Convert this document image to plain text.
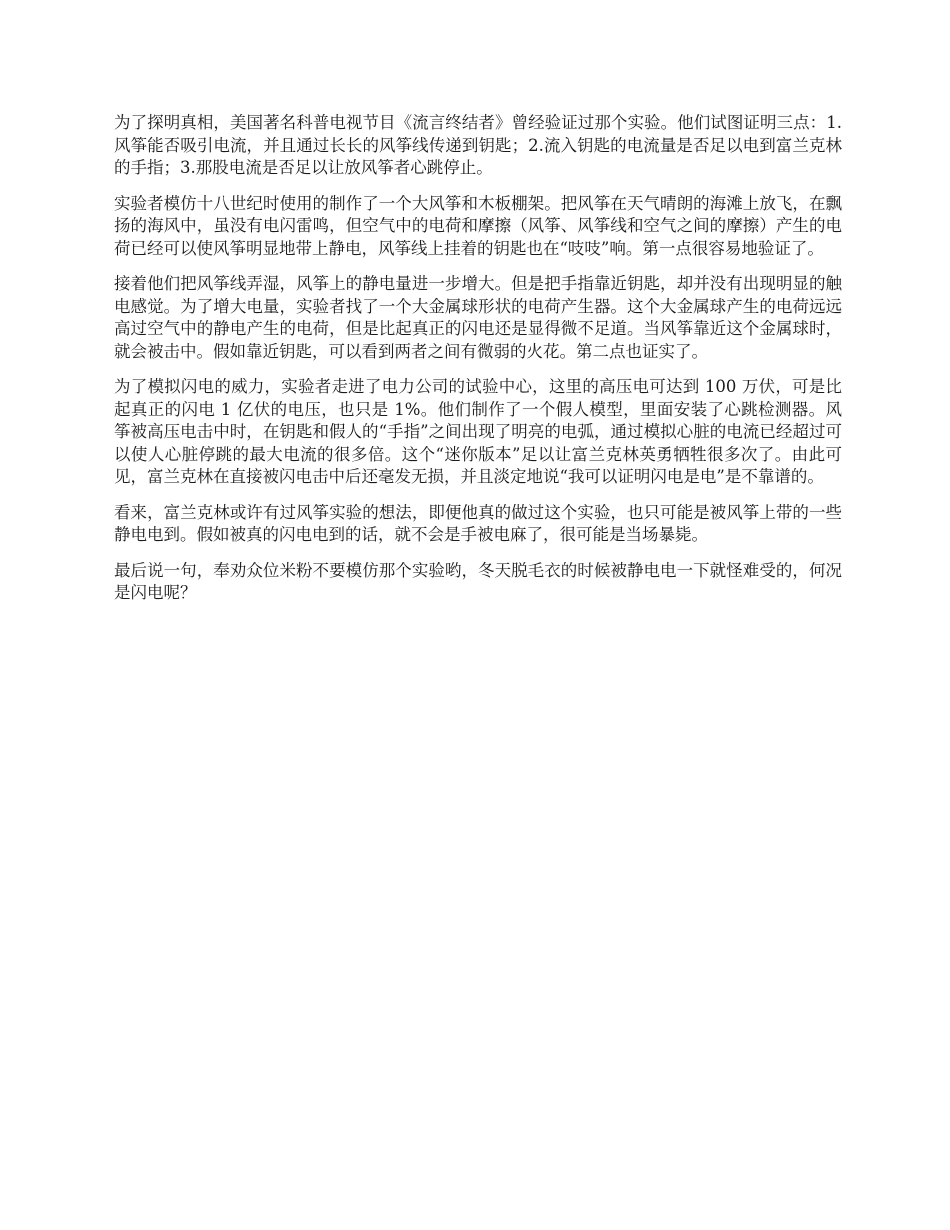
为了探明真相，美国著名科普电视节目《流言终结者》曾经验证过那个实验。他们试图证明三点：1.风筝能否吸引电流，并且通过长长的风筝线传递到钥匙；2.流入钥匙的电流量是否足以电到富兰克林的手指；3.那股电流是否足以让放风筝者心跳停止。

实验者模仿十八世纪时使用的制作了一个大风筝和木板棚架。把风筝在天气晴朗的海滩上放飞，在飘扬的海风中，虽没有电闪雷鸣，但空气中的电荷和摩擦（风筝、风筝线和空气之间的摩擦）产生的电荷已经可以使风筝明显地带上静电，风筝线上挂着的钥匙也在“吱吱”响。第一点很容易地验证了。

接着他们把风筝线弄湿，风筝上的静电量进一步增大。但是把手指靠近钥匙，却并没有出现明显的触电感觉。为了增大电量，实验者找了一个大金属球形状的电荷产生器。这个大金属球产生的电荷远远高过空气中的静电产生的电荷，但是比起真正的闪电还是显得微不足道。当风筝靠近这个金属球时，就会被击中。假如靠近钥匙，可以看到两者之间有微弱的火花。第二点也证实了。

为了模拟闪电的威力，实验者走进了电力公司的试验中心，这里的高压电可达到 100 万伏，可是比起真正的闪电 1 亿伏的电压，也只是 1%。他们制作了一个假人模型，里面安装了心跳检测器。风筝被高压电击中时，在钥匙和假人的“手指”之间出现了明亮的电弧，通过模拟心脏的电流已经超过可以使人心脏停跳的最大电流的很多倍。这个“迷你版本”足以让富兰克林英勇牺牲很多次了。由此可见，富兰克林在直接被闪电击中后还毫发无损，并且淡定地说“我可以证明闪电是电”是不靠谱的。

看来，富兰克林或许有过风筝实验的想法，即便他真的做过这个实验，也只可能是被风筝上带的一些静电电到。假如被真的闪电电到的话，就不会是手被电麻了，很可能是当场暴毙。

最后说一句，奉劝众位米粉不要模仿那个实验哟，冬天脱毛衣的时候被静电电一下就怪难受的，何况是闪电呢？
